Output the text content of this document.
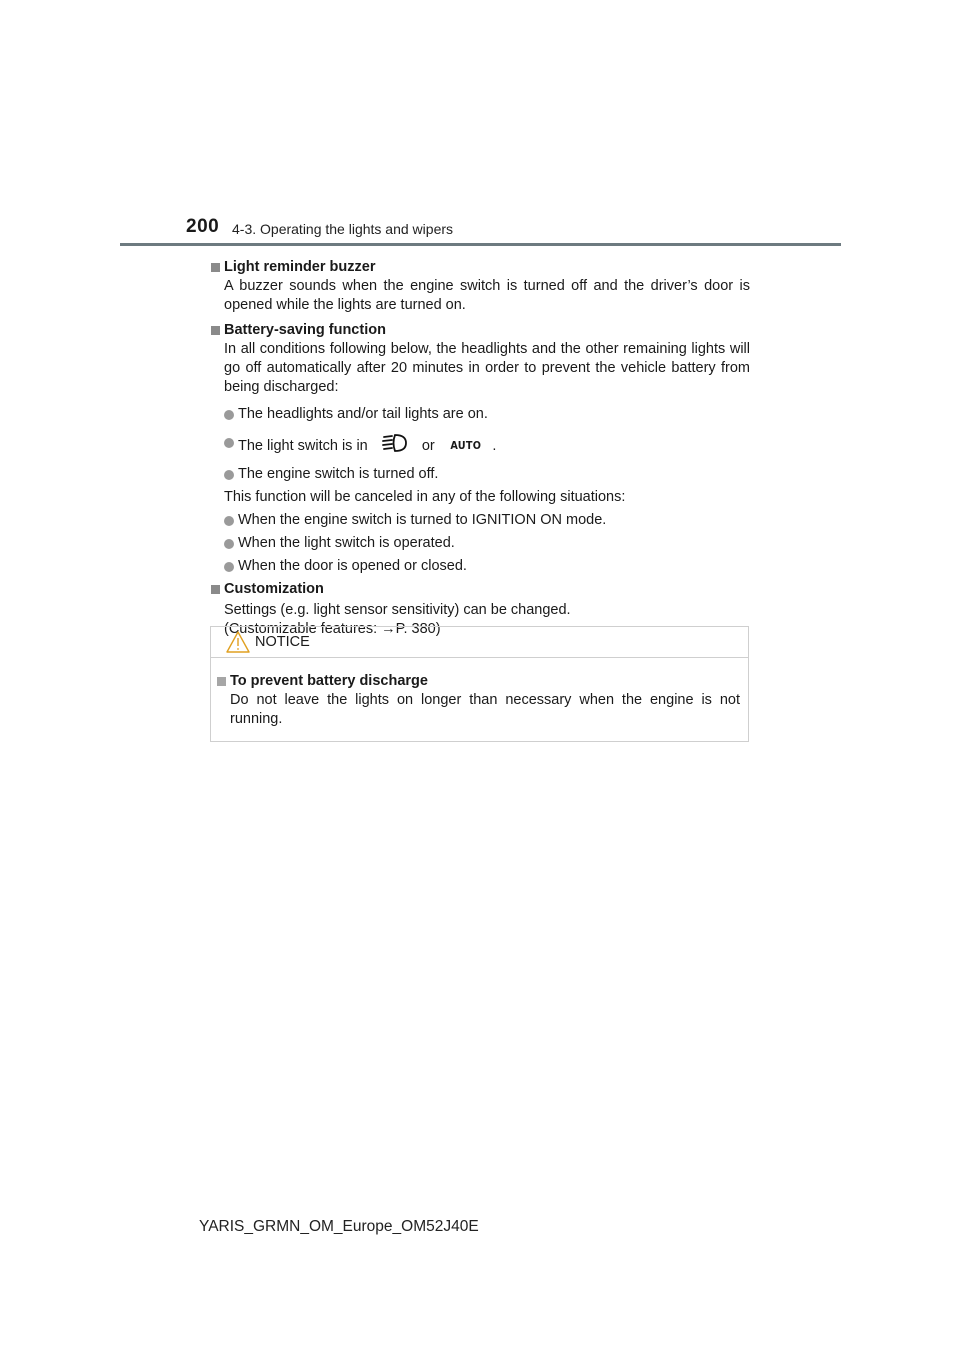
200 4-3. Operating the lights and wipers
Light reminder buzzer
A buzzer sounds when the engine switch is turned off and the driver’s door is opened while the lights are turned on.
Battery-saving function
In all conditions following below, the headlights and the other remaining lights will go off automatically after 20 minutes in order to prevent the vehicle battery from being discharged:
The headlights and/or tail lights are on.
The light switch is in	or AUTO .
The engine switch is turned off.
This function will be canceled in any of the following situations:
When the engine switch is turned to IGNITION ON mode.
When the light switch is operated.
When the door is opened or closed.
Customization
Settings (e.g. light sensor sensitivity) can be changed.
(Customizable features: →P. 380)
NOTICE
To prevent battery discharge
Do not leave the lights on longer than necessary when the engine is not running.
YARIS_GRMN_OM_Europe_OM52J40E
